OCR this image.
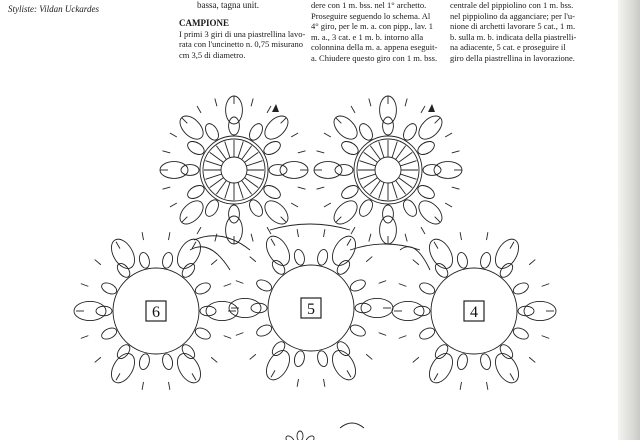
Styliste: Vildan Uckardes	bassa, tagna unit.

CAMPIONE

I primi 3 giri di una piastrellina lavo-

rata con l'uncinetto n. 0,75 misurano

cm 3,5 di diametro.

dere con 1 m. bss. nel 1° archetto.

Proseguire seguendo lo schema. Al

4° giro, per le m. a. con pipp., lav. 1

m. a., 3 cat. e 1 m. b. intorno alla

colonnina della m. a. appena eseguit-

a. Chiudere questo giro con 1 m. bss.

centrale del pippiolino con 1 m. bss.

nel pippiolino da agganciare; per l'u-

nione di archetti lavorare 5 cat., 1 m.

b. sulla m. b. indicata della piastrelli-

na adiacente, 5 cat. e proseguire il

giro della piastrellina in lavorazione.

6	5	4
